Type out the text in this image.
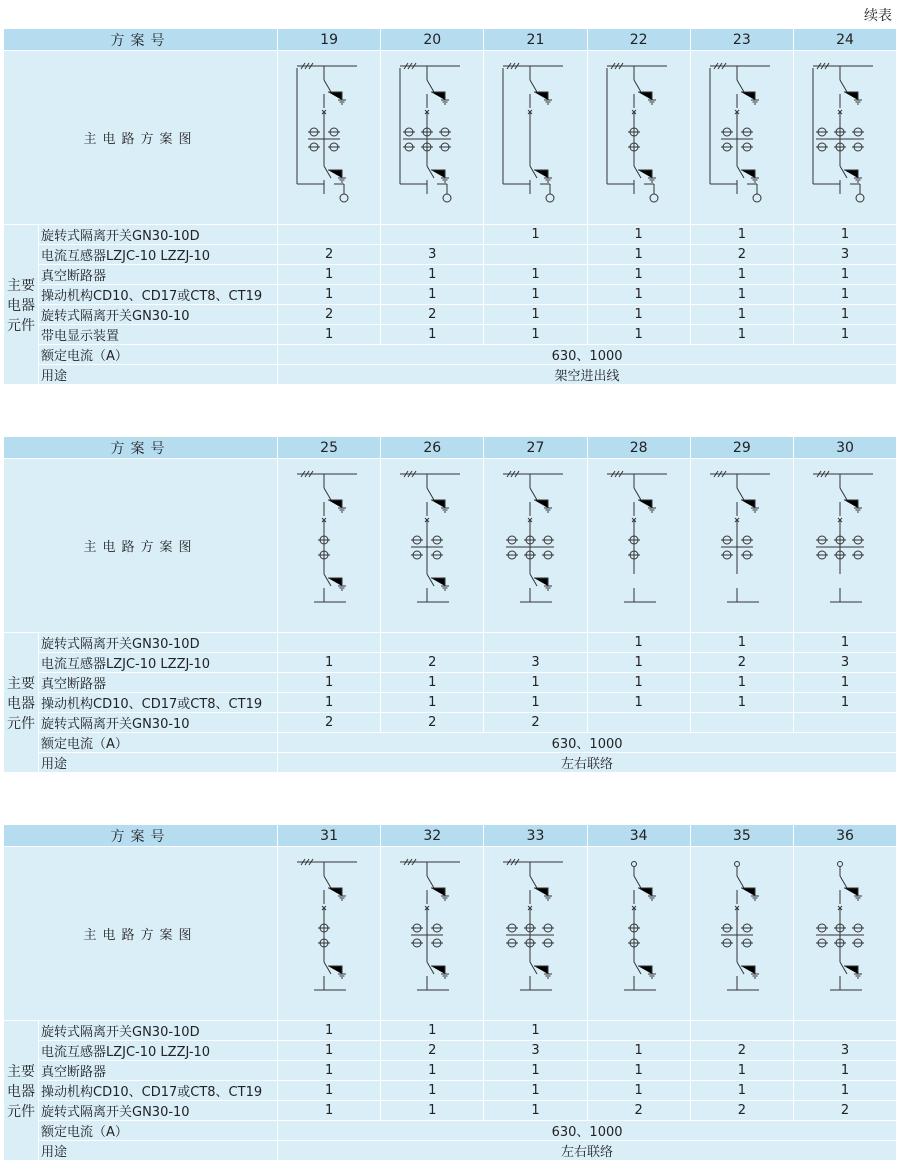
续表
方案号		19	20	21	22	23	24
主电路方案图	

主要电器元件	旋转式隔离开关GN30-10D			1	1	1	1
	电流互感器LZJC-10 LZZJ-10	2	3		1	2	3
	真空断路器	1	1	1	1	1	1
	操动机构CD10、CD17或CT8、CT19	1	1	1	1	1	1
	旋转式隔离开关GN30-10	2	2	1	1	1	1
	带电显示装置	1	1	1	1	1	1
	额定电流（A）	630、1000					
	用途	架空进出线					
方案号		25	26	27	28	29	30
主电路方案图	

主要电器元件	旋转式隔离开关GN30-10D				1	1	1
	电流互感器LZJC-10 LZZJ-10	1	2	3	1	2	3
	真空断路器	1	1	1	1	1	1
	操动机构CD10、CD17或CT8、CT19	1	1	1	1	1	1
	旋转式隔离开关GN30-10	2	2	2			
	额定电流（A）	630、1000					
	用途	左右联络					
方案号		31	32	33	34	35	36
主电路方案图	

主要电器元件	旋转式隔离开关GN30-10D	1	1	1			
	电流互感器LZJC-10 LZZJ-10	1	2	3	1	2	3
	真空断路器	1	1	1	1	1	1
	操动机构CD10、CD17或CT8、CT19	1	1	1	1	1	1
	旋转式隔离开关GN30-10	1	1	1	2	2	2
	额定电流（A）	630、1000					
	用途	左右联络					
